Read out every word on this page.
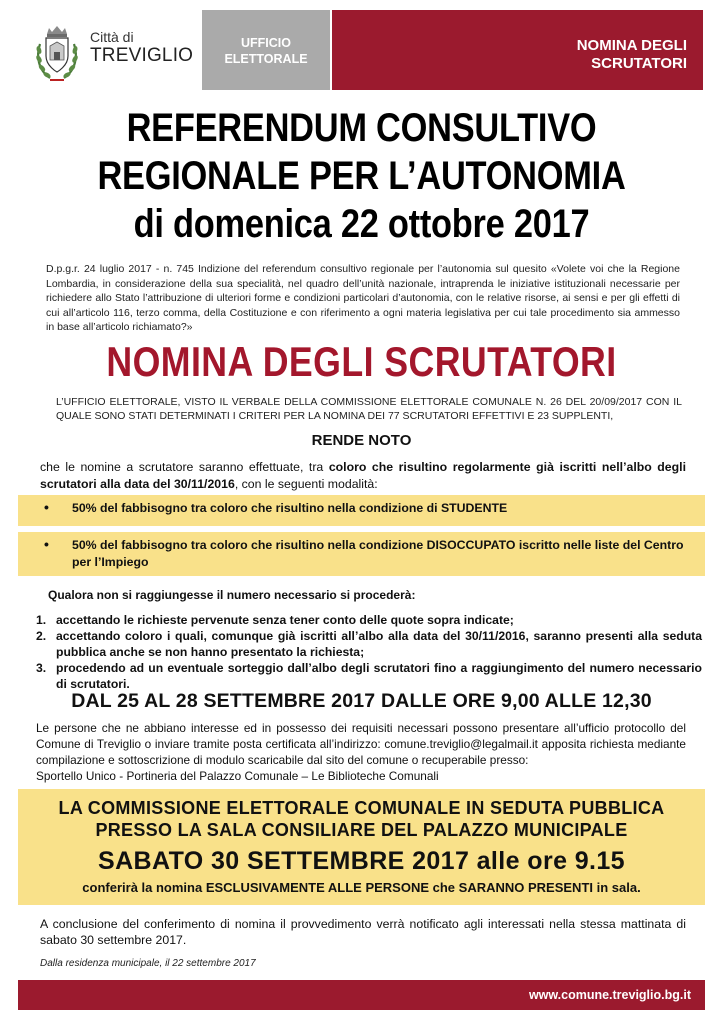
Città di
TREVIGLIO
UFFICIO
ELETTORALE
NOMINA DEGLI
SCRUTATORI
REFERENDUM CONSULTIVO
REGIONALE PER L’AUTONOMIA
di domenica 22 ottobre 2017
D.p.g.r. 24 luglio 2017 - n. 745 Indizione del referendum consultivo regionale per l’autonomia sul quesito «Volete voi che la Regione Lombardia, in considerazione della sua specialità, nel quadro dell’unità nazionale, intraprenda le iniziative istituzionali necessarie per richiedere allo Stato l’attribuzione di ulteriori forme e condizioni particolari d’autonomia, con le relative risorse, ai sensi e per gli effetti di cui all’articolo 116, terzo comma, della Costituzione e con riferimento a ogni materia legislativa per cui tale procedimento sia ammesso in base all’articolo richiamato?»
NOMINA DEGLI SCRUTATORI
L’UFFICIO ELETTORALE, VISTO IL VERBALE DELLA COMMISSIONE ELETTORALE COMUNALE N. 26 DEL 20/09/2017 CON IL QUALE SONO STATI DETERMINATI I CRITERI PER LA NOMINA DEI 77 SCRUTATORI EFFETTIVI E 23 SUPPLENTI,
RENDE NOTO
che le nomine a scrutatore saranno effettuate, tra coloro che risultino regolarmente già iscritti nell’albo degli scrutatori alla data del 30/11/2016, con le seguenti modalità:
• 50% del fabbisogno tra coloro che risultino nella condizione di STUDENTE
• 50% del fabbisogno tra coloro che risultino nella condizione DISOCCUPATO iscritto nelle liste del Centro per l’Impiego
Qualora non si raggiungesse il numero necessario si procederà:
1. accettando le richieste pervenute senza tener conto delle quote sopra indicate;
2. accettando coloro i quali, comunque già iscritti all’albo alla data del 30/11/2016, saranno presenti alla seduta pubblica anche se non hanno presentato la richiesta;
3. procedendo ad un eventuale sorteggio dall’albo degli scrutatori fino a raggiungimento del numero necessario di scrutatori.
DAL 25 AL 28 SETTEMBRE 2017 DALLE ORE 9,00 ALLE 12,30
Le persone che ne abbiano interesse ed in possesso dei requisiti necessari possono presentare all’ufficio protocollo del Comune di Treviglio o inviare tramite posta certificata all’indirizzo: comune.treviglio@legalmail.it apposita richiesta mediante compilazione e sottoscrizione di modulo scaricabile dal sito del comune o recuperabile presso:
Sportello Unico - Portineria del Palazzo Comunale – Le Biblioteche Comunali
LA COMMISSIONE ELETTORALE COMUNALE IN SEDUTA PUBBLICA
PRESSO LA SALA CONSILIARE DEL PALAZZO MUNICIPALE
SABATO 30 SETTEMBRE 2017 alle ore 9.15
conferirà la nomina ESCLUSIVAMENTE ALLE PERSONE che SARANNO PRESENTI in sala.
A conclusione del conferimento di nomina il provvedimento verrà notificato agli interessati nella stessa mattinata di sabato 30 settembre 2017.
Dalla residenza municipale, il 22 settembre 2017
www.comune.treviglio.bg.it
